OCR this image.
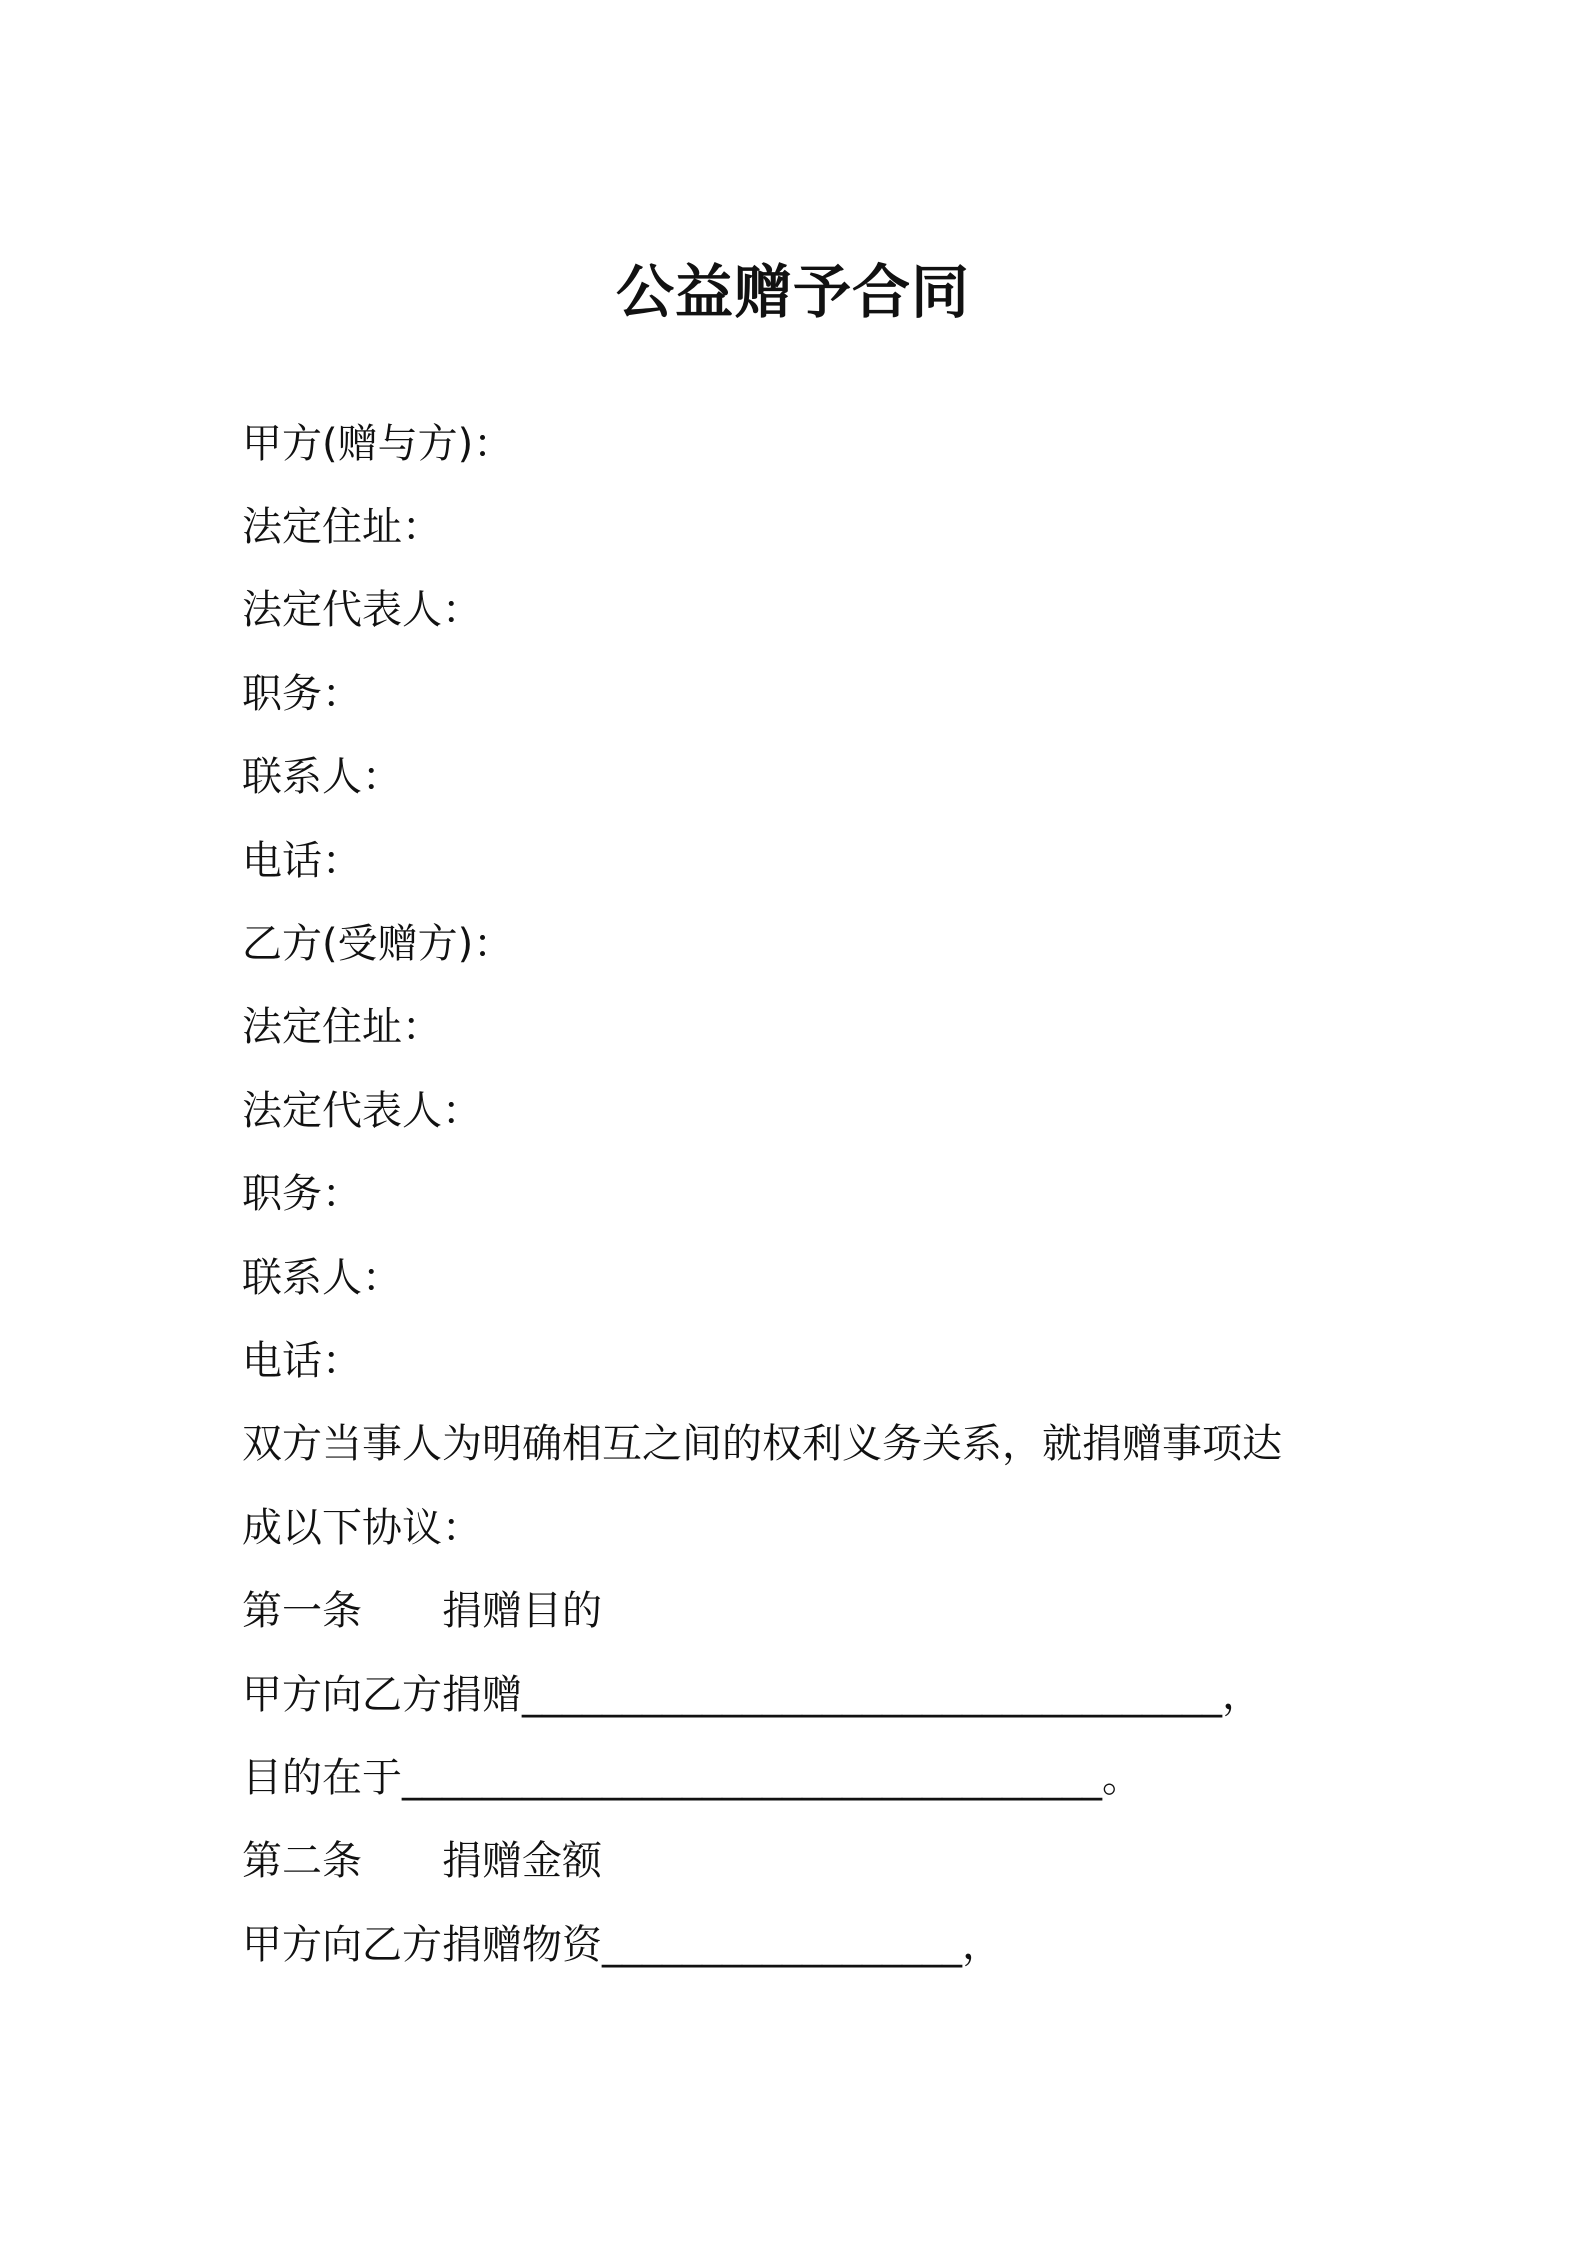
公益赠予合同
甲方(赠与方)：
法定住址：
法定代表人：
职务：
联系人：
电话：
乙方(受赠方)：
法定住址：
法定代表人：
职务：
联系人：
电话：
双方当事人为明确相互之间的权利义务关系，就捐赠事项达
成以下协议：
第一条　　捐赠目的
甲方向乙方捐赠___________________________________，
目的在于___________________________________。
第二条　　捐赠金额
甲方向乙方捐赠物资__________________，
